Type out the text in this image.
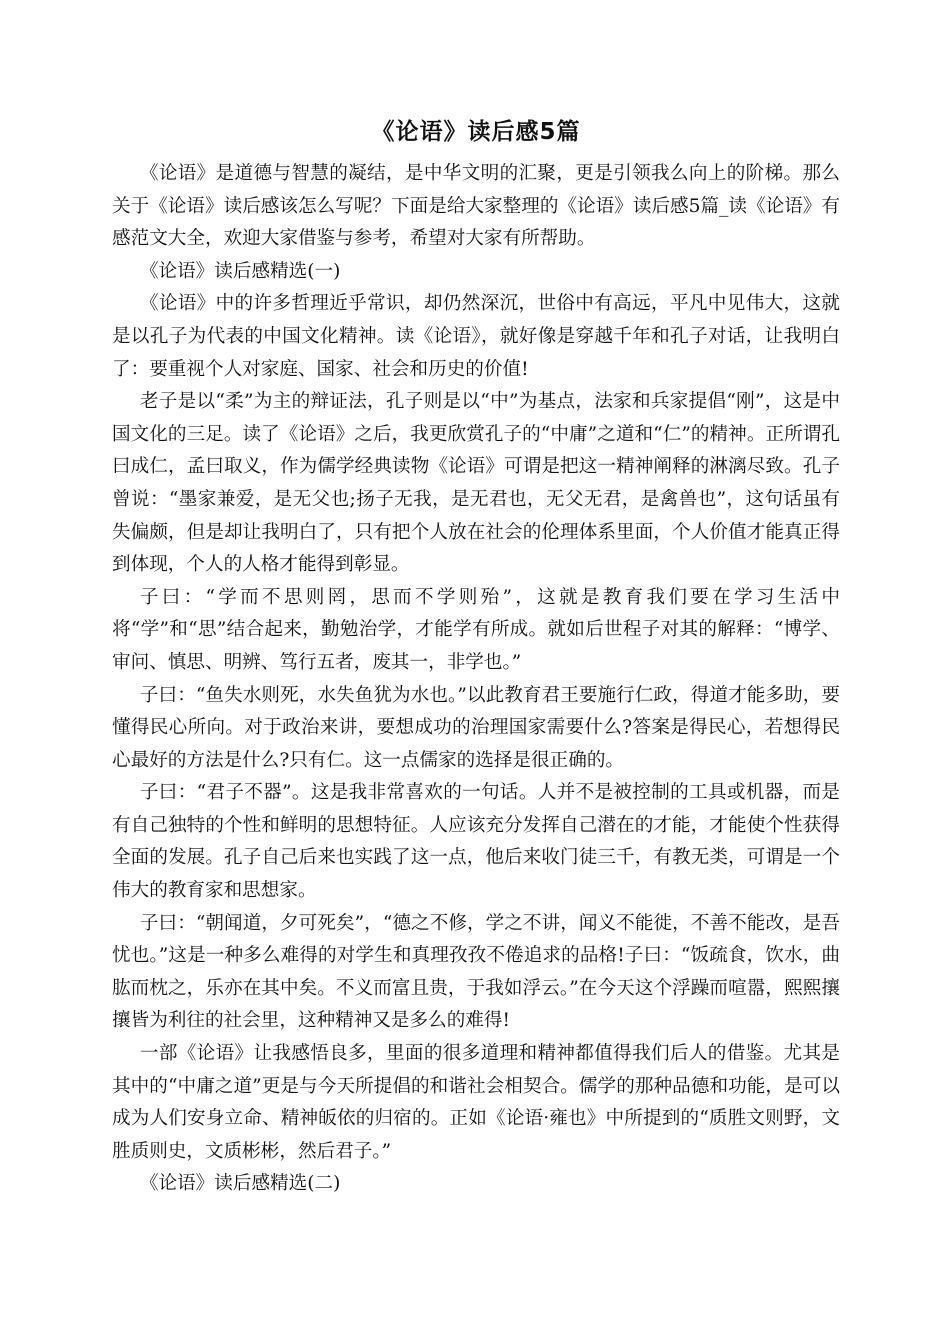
《论语》读后感5篇

《论语》是道德与智慧的凝结，是中华文明的汇聚，更是引领我么向上的阶梯。那么关于《论语》读后感该怎么写呢？下面是给大家整理的《论语》读后感5篇_读《论语》有感范文大全，欢迎大家借鉴与参考，希望对大家有所帮助。

《论语》读后感精选(一)

《论语》中的许多哲理近乎常识，却仍然深沉，世俗中有高远，平凡中见伟大，这就是以孔子为代表的中国文化精神。读《论语》，就好像是穿越千年和孔子对话，让我明白了：要重视个人对家庭、国家、社会和历史的价值!

老子是以“柔”为主的辩证法，孔子则是以“中”为基点，法家和兵家提倡“刚”，这是中国文化的三足。读了《论语》之后，我更欣赏孔子的“中庸”之道和“仁”的精神。正所谓孔曰成仁，孟曰取义，作为儒学经典读物《论语》可谓是把这一精神阐释的淋漓尽致。孔子曾说：“墨家兼爱，是无父也;扬子无我，是无君也，无父无君，是禽兽也”，这句话虽有失偏颇，但是却让我明白了，只有把个人放在社会的伦理体系里面，个人价值才能真正得到体现，个人的人格才能得到彰显。

子曰：“学而不思则罔，思而不学则殆”，这就是教育我们要在学习生活中将“学”和“思”结合起来，勤勉治学，才能学有所成。就如后世程子对其的解释：“博学、审问、慎思、明辨、笃行五者，废其一，非学也。”

子曰：“鱼失水则死，水失鱼犹为水也。”以此教育君王要施行仁政，得道才能多助，要懂得民心所向。对于政治来讲，要想成功的治理国家需要什么?答案是得民心，若想得民心最好的方法是什么?只有仁。这一点儒家的选择是很正确的。

子曰：“君子不器”。这是我非常喜欢的一句话。人并不是被控制的工具或机器，而是有自己独特的个性和鲜明的思想特征。人应该充分发挥自己潜在的才能，才能使个性获得全面的发展。孔子自己后来也实践了这一点，他后来收门徒三千，有教无类，可谓是一个伟大的教育家和思想家。

子曰：“朝闻道，夕可死矣”，“德之不修，学之不讲，闻义不能徙，不善不能改，是吾忧也。”这是一种多么难得的对学生和真理孜孜不倦追求的品格!子曰：“饭疏食，饮水，曲肱而枕之，乐亦在其中矣。不义而富且贵，于我如浮云。”在今天这个浮躁而喧嚣，熙熙攘攘皆为利往的社会里，这种精神又是多么的难得!

一部《论语》让我感悟良多，里面的很多道理和精神都值得我们后人的借鉴。尤其是其中的“中庸之道”更是与今天所提倡的和谐社会相契合。儒学的那种品德和功能，是可以成为人们安身立命、精神皈依的归宿的。正如《论语·雍也》中所提到的“质胜文则野，文胜质则史，文质彬彬，然后君子。”

《论语》读后感精选(二)
